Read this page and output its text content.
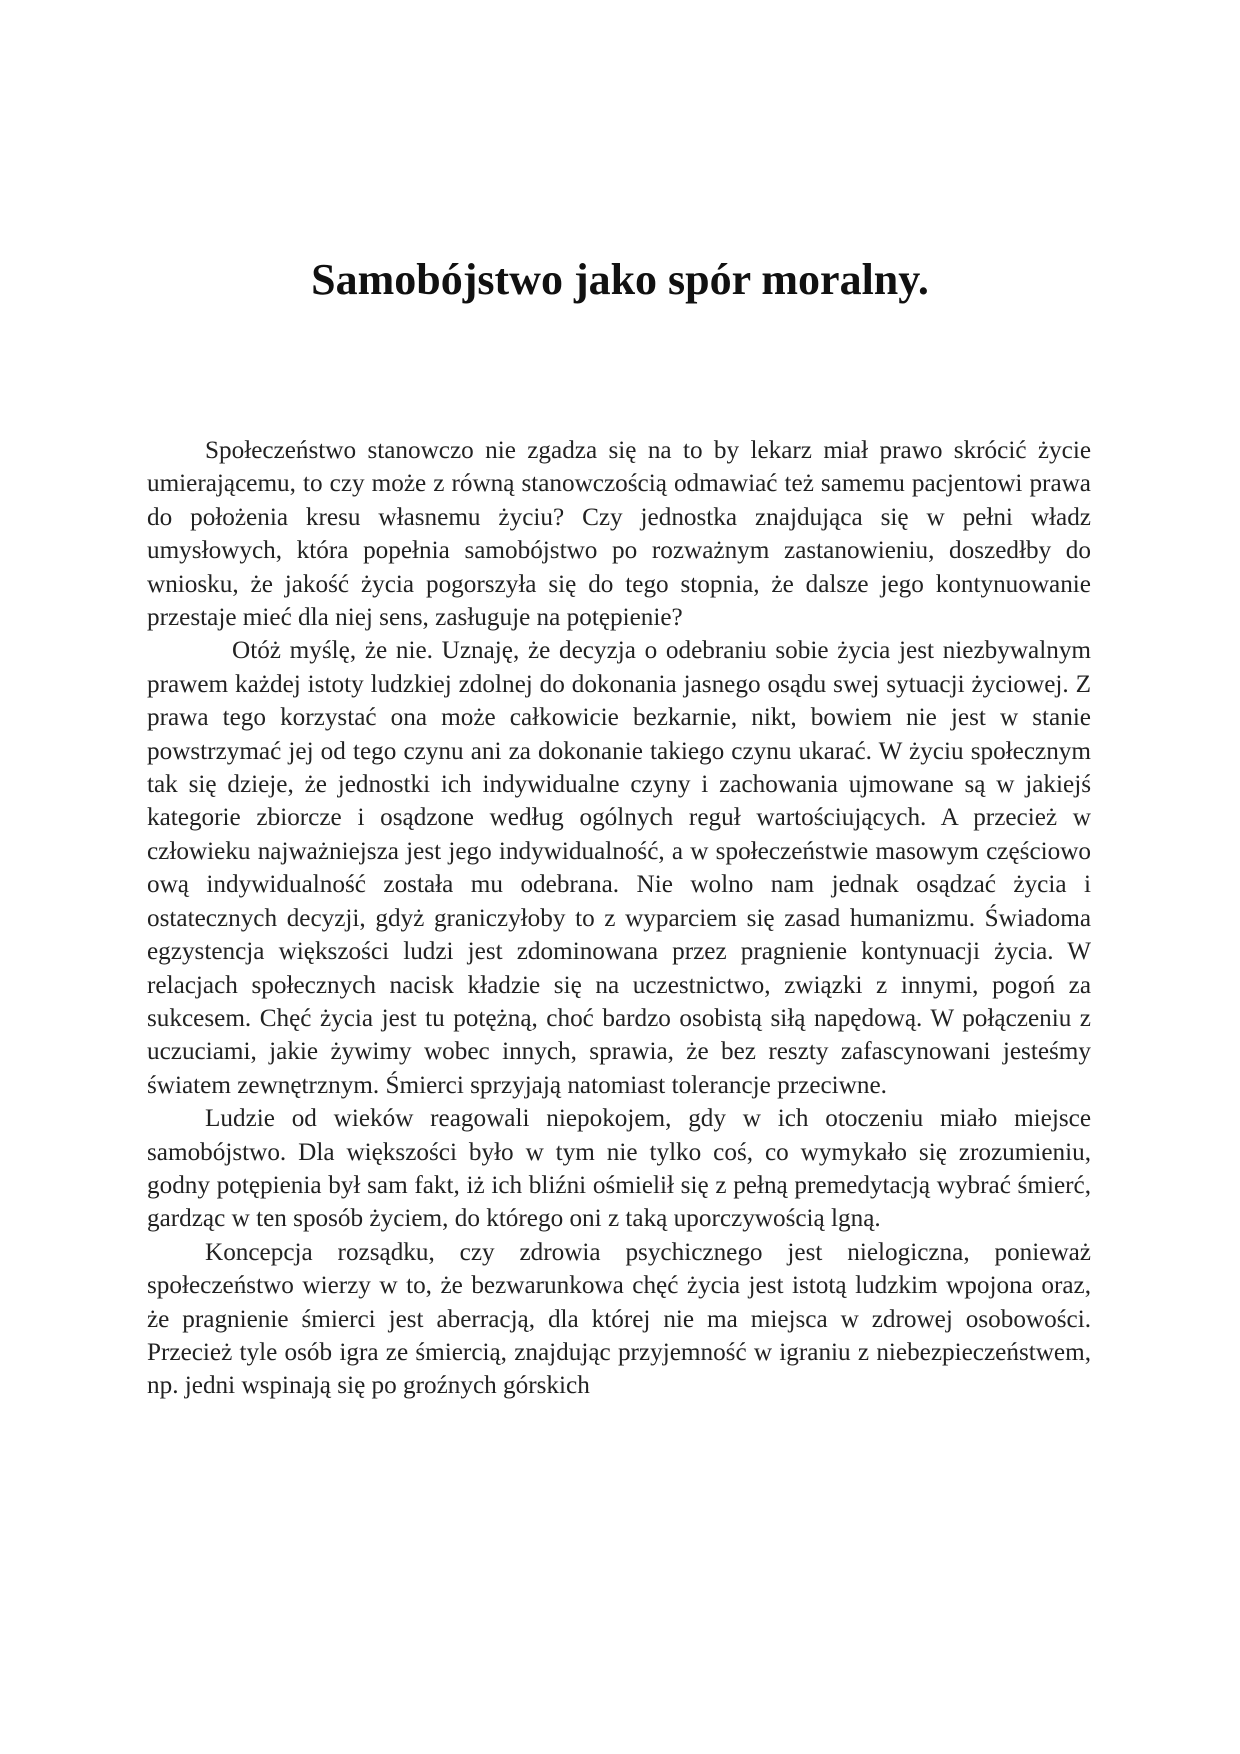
Samobójstwo jako spór moralny.

Społeczeństwo stanowczo nie zgadza się na to by lekarz miał prawo skrócić życie umierającemu, to czy może z równą stanowczością odmawiać też samemu pacjentowi prawa do położenia kresu własnemu życiu? Czy jednostka znajdująca się w pełni władz umysłowych, która popełnia samobójstwo po rozważnym zastanowieniu, doszedłby do wniosku, że jakość życia pogorszyła się do tego stopnia, że dalsze jego kontynuowanie przestaje mieć dla niej sens, zasługuje na potępienie?

Otóż myślę, że nie. Uznaję, że decyzja o odebraniu sobie życia jest niezbywalnym prawem każdej istoty ludzkiej zdolnej do dokonania jasnego osądu swej sytuacji życiowej. Z prawa tego korzystać ona może całkowicie bezkarnie, nikt, bowiem nie jest w stanie powstrzymać jej od tego czynu ani za dokonanie takiego czynu ukarać. W życiu społecznym tak się dzieje, że jednostki ich indywidualne czyny i zachowania ujmowane są w jakiejś kategorie zbiorcze i osądzone według ogólnych reguł wartościujących. A przecież w człowieku najważniejsza jest jego indywidualność, a w społeczeństwie masowym częściowo ową indywidualność została mu odebrana. Nie wolno nam jednak osądzać życia i ostatecznych decyzji, gdyż graniczyłoby to z wyparciem się zasad humanizmu. Świadoma egzystencja większości ludzi jest zdominowana przez pragnienie kontynuacji życia. W relacjach społecznych nacisk kładzie się na uczestnictwo, związki z innymi, pogoń za sukcesem. Chęć życia jest tu potężną, choć bardzo osobistą siłą napędową. W połączeniu z uczuciami, jakie żywimy wobec innych, sprawia, że bez reszty zafascynowani jesteśmy światem zewnętrznym. Śmierci sprzyjają natomiast tolerancje przeciwne.

Ludzie od wieków reagowali niepokojem, gdy w ich otoczeniu miało miejsce samobójstwo. Dla większości było w tym nie tylko coś, co wymykało się zrozumieniu, godny potępienia był sam fakt, iż ich bliźni ośmielił się z pełną premedytacją wybrać śmierć, gardząc w ten sposób życiem, do którego oni z taką uporczywością lgną.

Koncepcja rozsądku, czy zdrowia psychicznego jest nielogiczna, ponieważ społeczeństwo wierzy w to, że bezwarunkowa chęć życia jest istotą ludzkim wpojona oraz, że pragnienie śmierci jest aberracją, dla której nie ma miejsca w zdrowej osobowości. Przecież tyle osób igra ze śmiercią, znajdując przyjemność w igraniu z niebezpieczeństwem, np. jedni wspinają się po groźnych górskich
